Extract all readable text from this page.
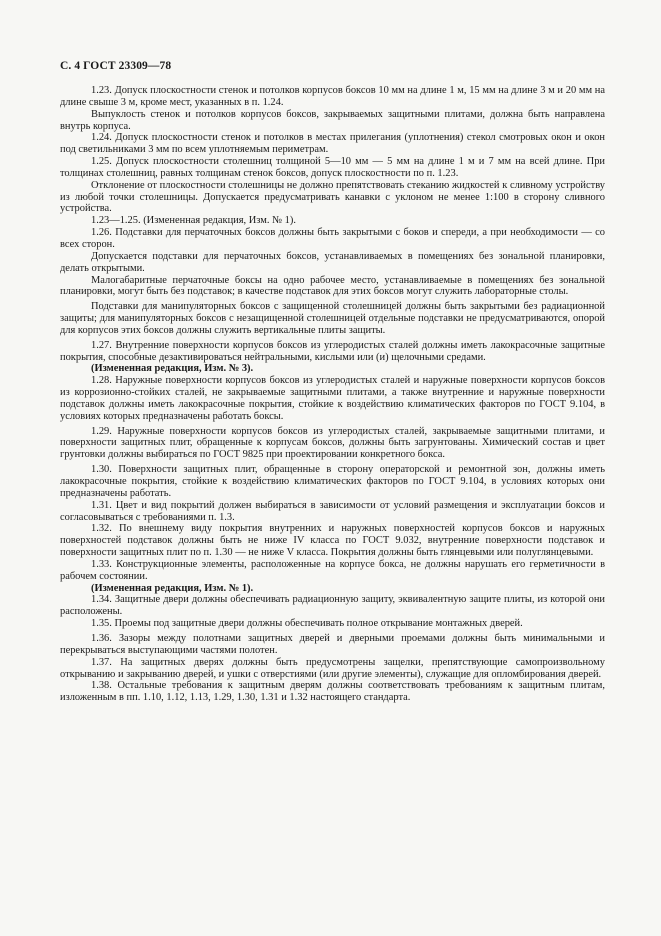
С. 4 ГОСТ 23309—78

1.23. Допуск плоскостности стенок и потолков корпусов боксов 10 мм на длине 1 м, 15 мм на длине 3 м и 20 мм на длине свыше 3 м, кроме мест, указанных в п. 1.24.

Выпуклость стенок и потолков корпусов боксов, закрываемых защитными плитами, должна быть направлена внутрь корпуса.

1.24. Допуск плоскостности стенок и потолков в местах прилегания (уплотнения) стекол смотровых окон и окон под светильниками 3 мм по всем уплотняемым периметрам.

1.25. Допуск плоскостности столешниц толщиной 5—10 мм — 5 мм на длине 1 м и 7 мм на всей длине. При толщинах столешниц, равных толщинам стенок боксов, допуск плоскостности по п. 1.23.

Отклонение от плоскостности столешницы не должно препятствовать стеканию жидкостей к сливному устройству из любой точки столешницы. Допускается предусматривать канавки с уклоном не менее 1:100 в сторону сливного устройства.

1.23—1.25. (Измененная редакция, Изм. № 1).

1.26. Подставки для перчаточных боксов должны быть закрытыми с боков и спереди, а при необходимости — со всех сторон.

Допускается подставки для перчаточных боксов, устанавливаемых в помещениях без зональной планировки, делать открытыми.

Малогабаритные перчаточные боксы на одно рабочее место, устанавливаемые в помещениях без зональной планировки, могут быть без подставок; в качестве подставок для этих боксов могут служить лабораторные столы.

Подставки для манипуляторных боксов с защищенной столешницей должны быть закрытыми без радиационной защиты; для манипуляторных боксов с незащищенной столешницей отдельные подставки не предусматриваются, опорой для корпусов этих боксов должны служить вертикальные плиты защиты.

1.27. Внутренние поверхности корпусов боксов из углеродистых сталей должны иметь лакокрасочные защитные покрытия, способные дезактивироваться нейтральными, кислыми или (и) щелочными средами.

(Измененная редакция, Изм. № 3).

1.28. Наружные поверхности корпусов боксов из углеродистых сталей и наружные поверхности корпусов боксов из коррозионно-стойких сталей, не закрываемые защитными плитами, а также внутренние и наружные поверхности подставок должны иметь лакокрасочные покрытия, стойкие к воздействию климатических факторов по ГОСТ 9.104, в условиях которых предназначены работать боксы.

1.29. Наружные поверхности корпусов боксов из углеродистых сталей, закрываемые защитными плитами, и поверхности защитных плит, обращенные к корпусам боксов, должны быть загрунтованы. Химический состав и цвет грунтовки должны выбираться по ГОСТ 9825 при проектировании конкретного бокса.

1.30. Поверхности защитных плит, обращенные в сторону операторской и ремонтной зон, должны иметь лакокрасочные покрытия, стойкие к воздействию климатических факторов по ГОСТ 9.104, в условиях которых они предназначены работать.

1.31. Цвет и вид покрытий должен выбираться в зависимости от условий размещения и эксплуатации боксов и согласовываться с требованиями п. 1.3.

1.32. По внешнему виду покрытия внутренних и наружных поверхностей корпусов боксов и наружных поверхностей подставок должны быть не ниже IV класса по ГОСТ 9.032, внутренние поверхности подставок и поверхности защитных плит по п. 1.30 — не ниже V класса. Покрытия должны быть глянцевыми или полуглянцевыми.

1.33. Конструкционные элементы, расположенные на корпусе бокса, не должны нарушать его герметичности в рабочем состоянии.

(Измененная редакция, Изм. № 1).

1.34. Защитные двери должны обеспечивать радиационную защиту, эквивалентную защите плиты, из которой они расположены.

1.35. Проемы под защитные двери должны обеспечивать полное открывание монтажных дверей.

1.36. Зазоры между полотнами защитных дверей и дверными проемами должны быть минимальными и перекрываться выступающими частями полотен.

1.37. На защитных дверях должны быть предусмотрены защелки, препятствующие самопроизвольному открыванию и закрыванию дверей, и ушки с отверстиями (или другие элементы), служащие для опломбирования дверей.

1.38. Остальные требования к защитным дверям должны соответствовать требованиям к защитным плитам, изложенным в пп. 1.10, 1.12, 1.13, 1.29, 1.30, 1.31 и 1.32 настоящего стандарта.
